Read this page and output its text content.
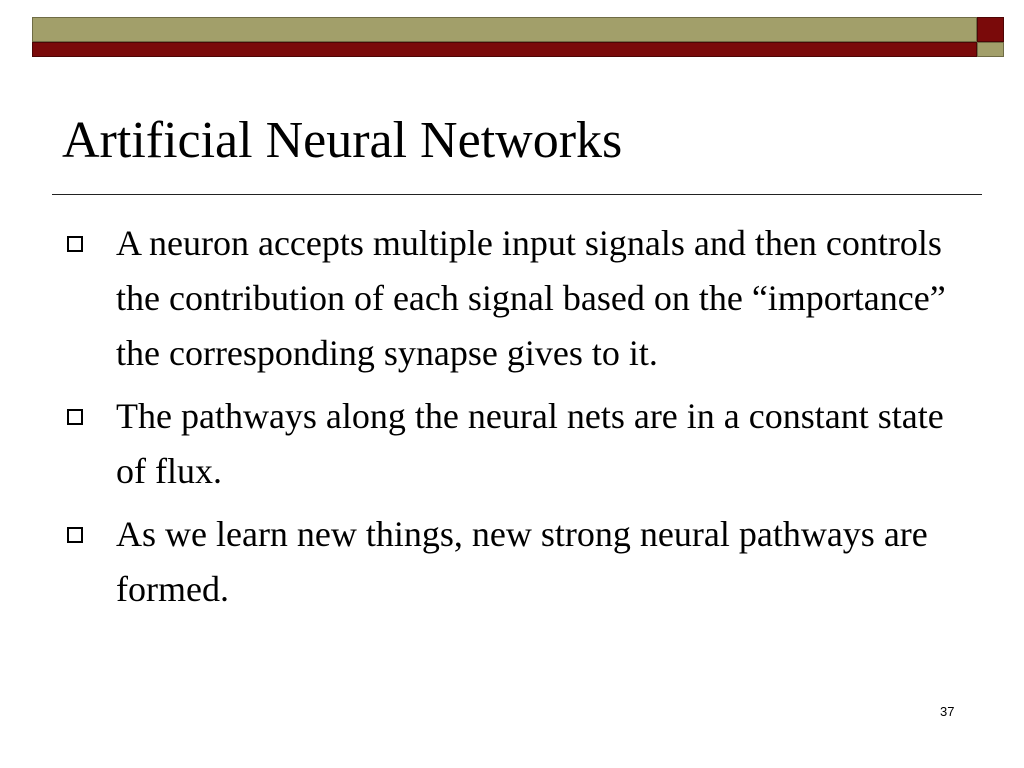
Artificial Neural Networks
A neuron accepts multiple input signals and then controls the contribution of each signal based on the “importance” the corresponding synapse gives to it.
The pathways along the neural nets are in a constant state of flux.
As we learn new things, new strong neural pathways are formed.
37
